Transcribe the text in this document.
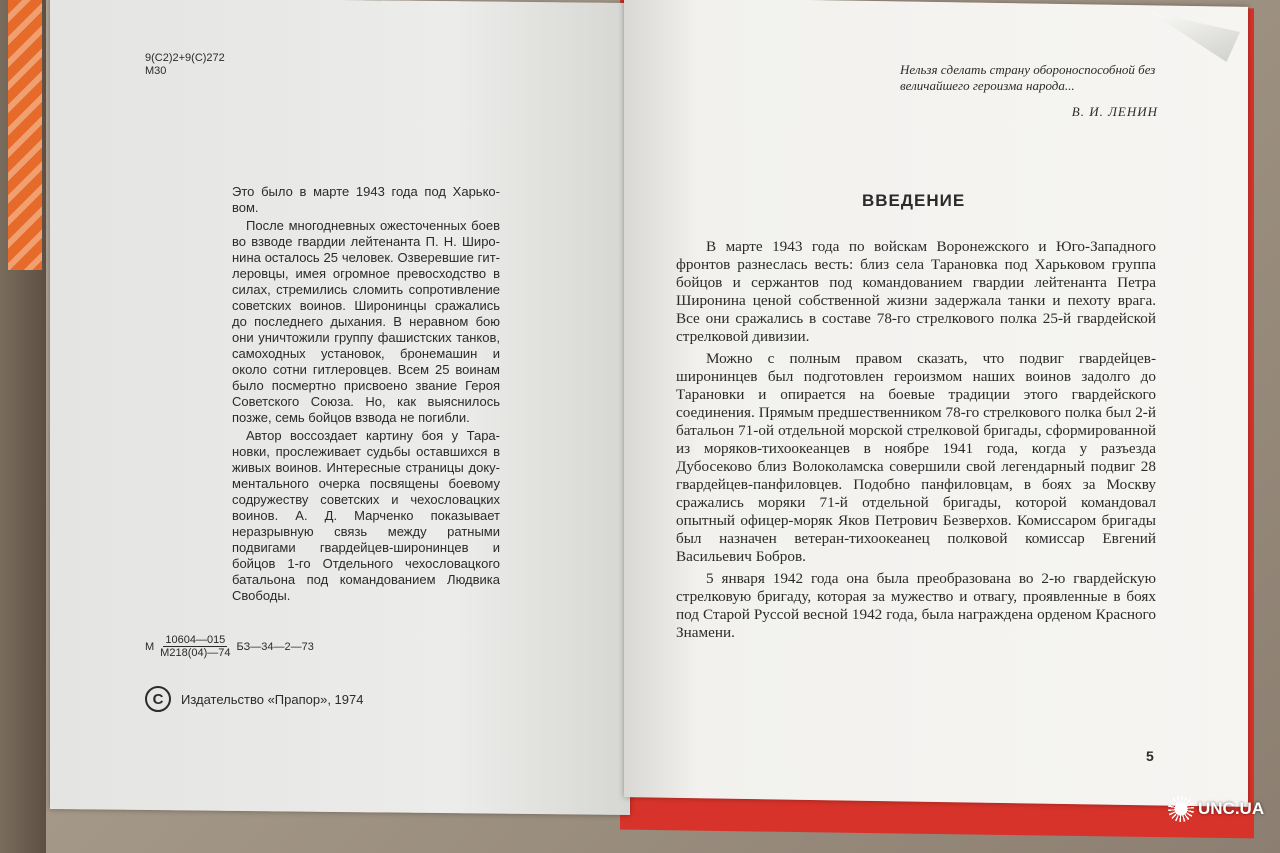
9(С2)2+9(С)272
М30

Это было в марте 1943 года под Харьковом.

После многодневных ожесточенных боев во взводе гвардии лейтенанта П. Н. Широнина осталось 25 человек. Озверевшие гитлеровцы, имея огромное превосходство в силах, стремились сломить сопротивление советских воинов. Широнинцы сражались до последнего дыхания. В неравном бою они уничтожили группу фашистских танков, самоходных установок, бронемашин и около сотни гитлеровцев. Всем 25 воинам было посмертно присвоено звание Героя Советского Союза. Но, как выяснилось позже, семь бойцов взвода не погибли.

Автор воссоздает картину боя у Тарановки, прослеживает судьбы оставшихся в живых воинов. Интересные страницы документального очерка посвящены боевому содружеству советских и чехословацких воинов. А. Д. Марченко показывает неразрывную связь между ратными подвигами гвардейцев-широнинцев и бойцов 1-го Отдельного чехословацкого батальона под командованием Людвика Свободы.

М $\frac{10604—015}{М218(04)—74}$ БЗ—34—2—73
C	Издательство «Прапор», 1974
Нельзя сделать страну обороноспособной без величайшего героизма народа...
В. И. ЛЕНИН
ВВЕДЕНИЕ

В марте 1943 года по войскам Воронежского и Юго-Западного фронтов разнеслась весть: близ села Тарановка под Харьковом группа бойцов и сержантов под командованием гвардии лейтенанта Петра Широнина ценой собственной жизни задержала танки и пехоту врага. Все они сражались в составе 78-го стрелкового полка 25-й гвардейской стрелковой дивизии.

Можно с полным правом сказать, что подвиг гвардейцев-широнинцев был подготовлен героизмом наших воинов задолго до Тарановки и опирается на боевые традиции этого гвардейского соединения. Прямым предшественником 78-го стрелкового полка был 2-й батальон 71-ой отдельной морской стрелковой бригады, сформированной из моряков-тихоокеанцев в ноябре 1941 года, когда у разъезда Дубосеково близ Волоколамска совершили свой легендарный подвиг 28 гвардейцев-панфиловцев. Подобно панфиловцам, в боях за Москву сражались моряки 71-й отдельной бригады, которой командовал опытный офицер-моряк Яков Петрович Безверхов. Комиссаром бригады был назначен ветеран-тихоокеанец полковой комиссар Евгений Васильевич Бобров.

5 января 1942 года она была преобразована во 2-ю гвардейскую стрелковую бригаду, которая за мужество и отвагу, проявленные в боях под Старой Руссой весной 1942 года, была награждена орденом Красного Знамени.

5
UNC.UA
